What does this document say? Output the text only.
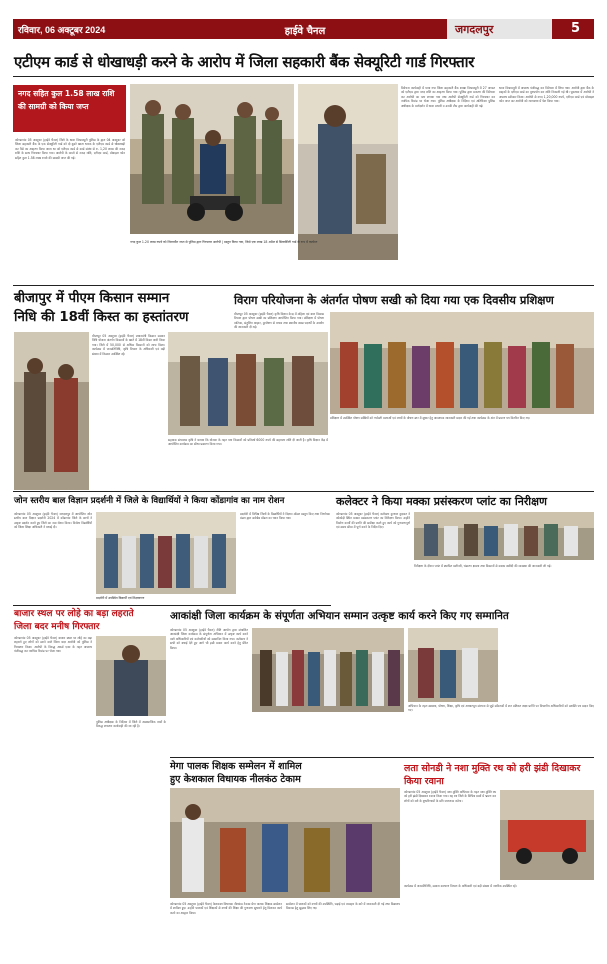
रविवार, 06 अक्टूबर 2024	हाईवे चैनल	जगदलपुर	5
एटीएम कार्ड से धोखाधड़ी करने के आरोप में जिला सहकारी बैंक सेक्यूरिटी गार्ड गिरफ्तार
नगद सहित कुल 1.58 लाख राशि की सामग्री को किया जप्त
कोण्डागांव 05 अक्टूबर (हाईवे चैनल) जिले के थाना विश्रामपुरी पुलिस के द्वारा 04 अक्टूबर को जिला सहकारी बैंक के एक सेक्यूरिटी गार्ड को दो दुसरे खाता धारक के एटीएम कार्ड से धोखाधड़ी कर पैसे का आहरण किया जाता था को एटीएम कार्ड से कार्ड संबंध से रु. 1,20 लाख की नकद राशि के साथ गिरफ्तार किया गया। आरोपी के कब्जे से नकद राशि, एटीएम कार्ड, मोबाइल फोन सहित कुल 1.58 लाख रुपये की सामग्री जप्त की गई।
नगद कुल 1.20 लाख रुपये को जिलाधीन जप्त से पुलिस द्वारा गिरफ्तार आरोपी | प्रस्तुत किया गया, जिसे एक लाख 18 अप्रैल से सिक्योरिटी गार्ड के रूप में कार्यरत
विवेचना कार्यवाही में पाया गया जिला सहकारी बैंक शाखा विश्रामपुरी में 27 अगस्त को एटीएम द्वारा नगद राशि का आहरण किया गया। पुलिस द्वारा प्रकरण की विवेचना कर आरोपी का पता लगाया गया तथा आरोपी सेक्यूरिटी गार्ड को गिरफ्तार कर न्यायिक रिमांड पर भेजा गया। पुलिस अधीक्षक के निर्देशन एवं अतिरिक्त पुलिस अधीक्षक के मार्गदर्शन में थाना प्रभारी व उनकी टीम द्वारा कार्यवाही की गई।
थाना विश्रामपुरी में अपराध पंजीबद्ध कर विवेचना में लिया गया। आरोपी द्वारा बैंक के ग्राहकों के एटीएम कार्ड का दुरुपयोग कर राशि निकाली गई थी। पूछताछ में आरोपी ने अपराध स्वीकार किया। आरोपी से नगद 1,20,000 रुपये, एटीएम कार्ड एवं मोबाइल फोन जप्त कर आरोपी को न्यायालय में पेश किया गया।
बीजापुर में पीएम किसान सम्मान
निधि की 18वीं किस्त का हस्तांतरण
बीजापुर 05 अक्टूबर (हाईवे चैनल) प्रधानमंत्री किसान सम्मान निधि योजना अंतर्गत किसानों के खाते में 18वीं किस्त जारी किया गया। जिले में 50,000 से अधिक किसानों को लाभ मिला। कार्यक्रम में जनप्रतिनिधि, कृषि विभाग के अधिकारी एवं बड़ी संख्या में किसान उपस्थित रहे।
सहायक संचालक कृषि ने बताया कि योजना के तहत पात्र किसानों को प्रतिवर्ष 6000 रुपये की सहायता राशि दी जाती है। कृषि विज्ञान केंद्र में आयोजित कार्यक्रम का सीधा प्रसारण किया गया।
विराग परियोजना के अंतर्गत पोषण सखी को दिया गया एक दिवसीय प्रशिक्षण
बीजापुर 05 अक्टूबर (हाईवे चैनल) कृषि विज्ञान केन्द्र में महिला एवं बाल विकास विभाग द्वारा पोषण सखी का प्रशिक्षण आयोजित किया गया। प्रशिक्षण में पोषण वाटिका, संतुलित आहार, कुपोषण से बचाव तथा स्थानीय खाद्य पदार्थों के उपयोग की जानकारी दी गई।
प्रशिक्षण में उपस्थित पोषण सखियों को गर्भवती माताओं एवं बच्चों के पोषण स्तर में सुधार हेतु आवश्यक जानकारी प्रदान की गई तथा कार्यक्रम के अंत में प्रमाण पत्र वितरित किए गए।
जोन स्तरीय बाल विज्ञान प्रदर्शनी में जिले के विद्यार्थियों ने किया कोंडागांव का नाम रोशन
कोण्डागांव 05 अक्टूबर (हाईवे चैनल) जगदलपुर में आयोजित जोन स्तरीय बाल विज्ञान प्रदर्शनी 2024 में कोंडागांव जिले के छात्रों ने उत्कृष्ट प्रदर्शन करते हुए जिले का नाम रोशन किया। विजेता विद्यार्थियों को जिला शिक्षा अधिकारी ने बधाई दी।
प्रदर्शनी में उपस्थित विद्यार्थी एवं शिक्षकगण
प्रदर्शनी में विभिन्न जिलों के विद्यार्थियों ने विज्ञान मॉडल प्रस्तुत किए तथा निर्णायक मंडल द्वारा सर्वश्रेष्ठ मॉडल का चयन किया गया।
कलेक्टर ने किया मक्का प्रसंस्करण प्लांट का निरीक्षण
कोण्डागांव 05 अक्टूबर (हाईवे चैनल) कलेक्टर कुणाल दुदावत ने कोकोड़ी स्थित मक्का प्रसंस्करण प्लांट का निरीक्षण किया। उन्होंने निर्माण कार्यों की प्रगति की समीक्षा करते हुए कार्य को गुणवत्तापूर्ण एवं समय सीमा में पूर्ण करने के निर्देश दिए।
निरीक्षण के दौरान प्लांट में स्थापित मशीनरी, भंडारण क्षमता तथा किसानों से मक्का खरीदी की व्यवस्था की जानकारी ली गई।
बाजार स्थल पर लोहे का बड़ा लहराते
जिला बदर मनीष गिरफ्तार
कोण्डागांव 05 अक्टूबर (हाईवे चैनल) बाजार स्थल पर लोहे का बड़ा लहराते हुए लोगों को डराने वाले जिला बदर आरोपी को पुलिस ने गिरफ्तार किया। आरोपी के विरुद्ध आर्म्स एक्ट के तहत अपराध पंजीबद्ध कर न्यायिक रिमांड पर भेजा गया।
पुलिस अधीक्षक के निर्देशन में जिले में असामाजिक तत्वों के विरुद्ध लगातार कार्यवाही की जा रही है।
आकांक्षी जिला कार्यक्रम के संपूर्णता अभियान सम्मान उत्कृष्ट कार्य करने किए गए सम्मानित
कोण्डागांव 05 अक्टूबर (हाईवे चैनल) नीति आयोग द्वारा संचालित आकांक्षी जिला कार्यक्रम के संपूर्णता अभियान में उत्कृष्ट कार्य करने वाले अधिकारियों एवं कर्मचारियों को सम्मानित किया गया। कलेक्टर ने सभी को बधाई देते हुए आगे भी इसी प्रकार कार्य करने हेतु प्रेरित किया।
अभियान के तहत स्वास्थ्य, पोषण, शिक्षा, कृषि एवं आधारभूत संरचना से जुड़े संकेतकों में शत प्रतिशत लक्ष्य प्राप्ति पर विभागीय अधिकारियों को प्रशस्ति पत्र प्रदान किए गए।
मेगा पालक शिक्षक सम्मेलन में शामिल
हुए केशकाल विधायक नीलकंठ टेकाम
कोण्डागांव 05 अक्टूबर (हाईवे चैनल) केशकाल विधायक नीलकंठ टेकाम मेगा पालक शिक्षक सम्मेलन में शामिल हुए। उन्होंने पालकों एवं शिक्षकों से बच्चों की शिक्षा की गुणवत्ता सुधारने हेतु मिलकर कार्य करने का आह्वान किया।
सम्मेलन में पालकों को बच्चों की उपस्थिति, पढ़ाई एवं व्यवहार के बारे में जानकारी दी गई तथा विद्यालय विकास हेतु सुझाव लिए गए।
लता सोनडी ने नशा मुक्ति रथ को हरी झंडी दिखाकर किया रवाना
कोण्डागांव 05 अक्टूबर (हाईवे चैनल) नशा मुक्ति अभियान के तहत नशा मुक्ति रथ को हरी झंडी दिखाकर रवाना किया गया। यह रथ जिले के विभिन्न ग्रामों में भ्रमण कर लोगों को नशे के दुष्परिणामों के प्रति जागरूक करेगा।
कार्यक्रम में जनप्रतिनिधि, समाज कल्याण विभाग के अधिकारी एवं बड़ी संख्या में नागरिक उपस्थित रहे।
